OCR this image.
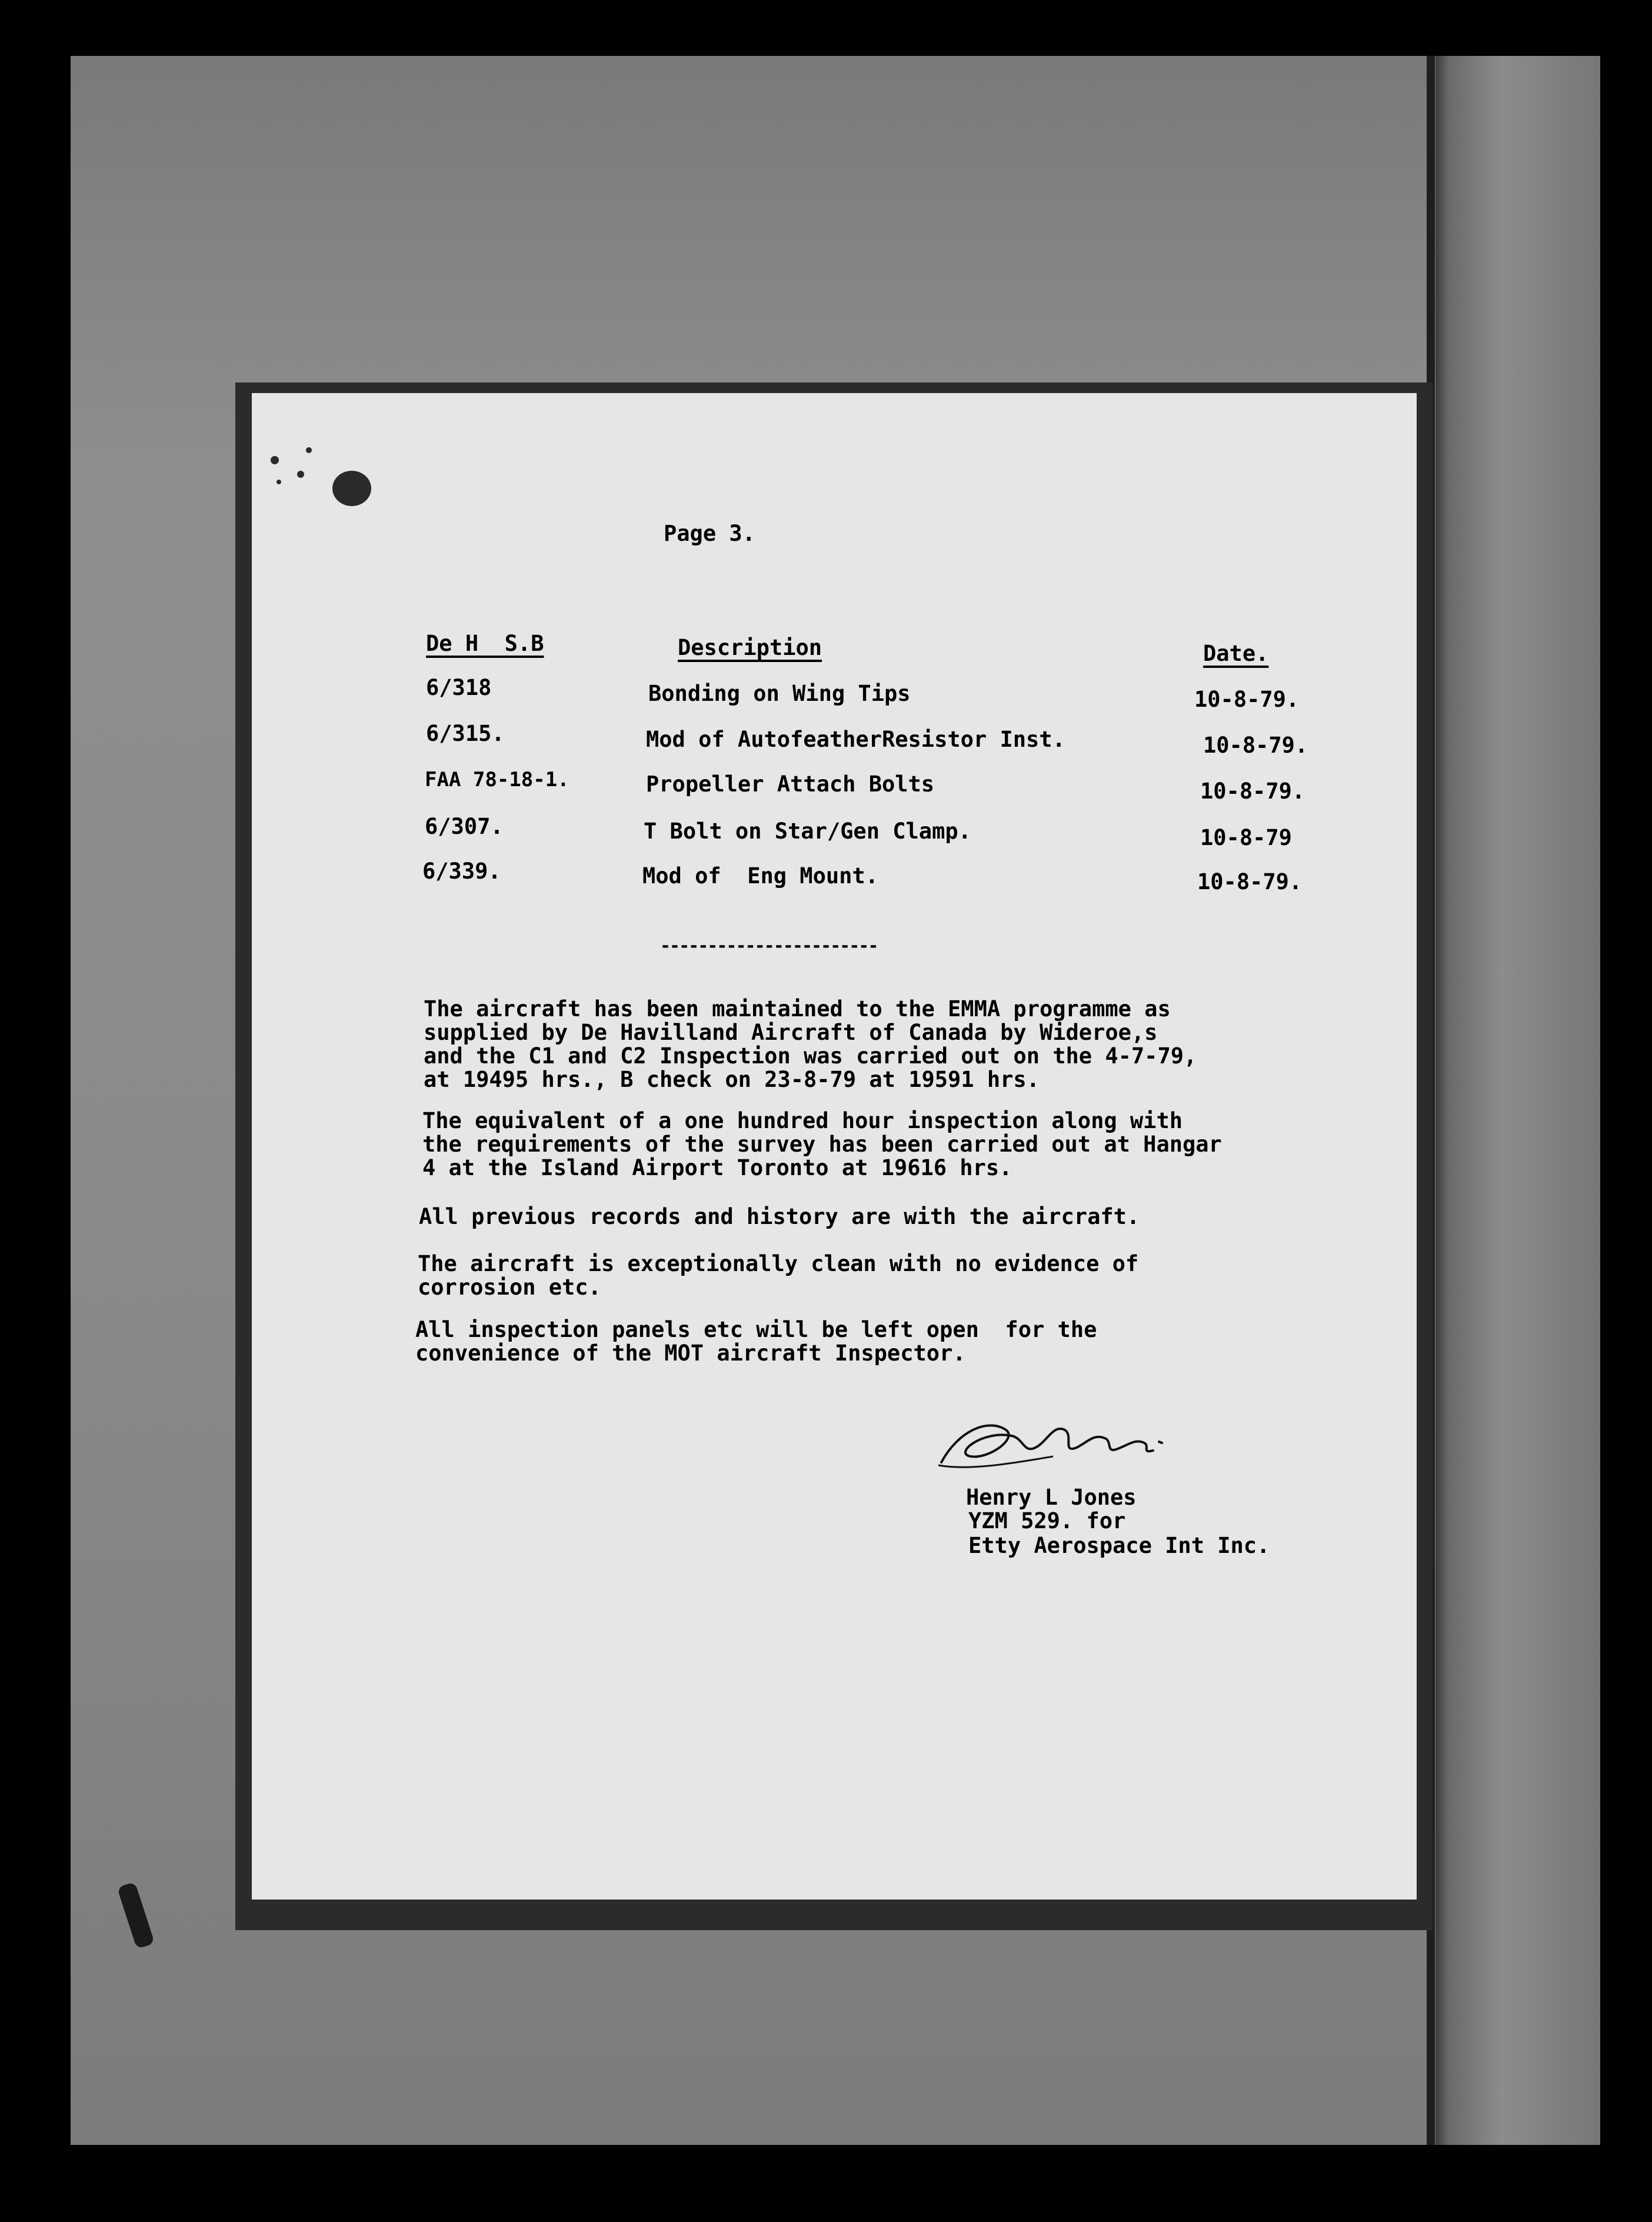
Page 3.
De H  S.B	Description	Date.
6/318	Bonding on Wing Tips	10-8-79.
6/315.	Mod of AutofeatherResistor Inst.	10-8-79.
FAA 78-18-1.	Propeller Attach Bolts	10-8-79.
6/307.	T Bolt on Star/Gen Clamp.	10-8-79
6/339.	Mod of  Eng Mount.	10-8-79.
-----------------------
The aircraft has been maintained to the EMMA programme as
supplied by De Havilland Aircraft of Canada by Wideroe,s
and the C1 and C2 Inspection was carried out on the 4-7-79,
at 19495 hrs., B check on 23-8-79 at 19591 hrs.
The equivalent of a one hundred hour inspection along with
the requirements of the survey has been carried out at Hangar
4 at the Island Airport Toronto at 19616 hrs.
All previous records and history are with the aircraft.
The aircraft is exceptionally clean with no evidence of
corrosion etc.
All inspection panels etc will be left open  for the
convenience of the MOT aircraft Inspector.
Henry L Jones
YZM 529. for
Etty Aerospace Int Inc.
